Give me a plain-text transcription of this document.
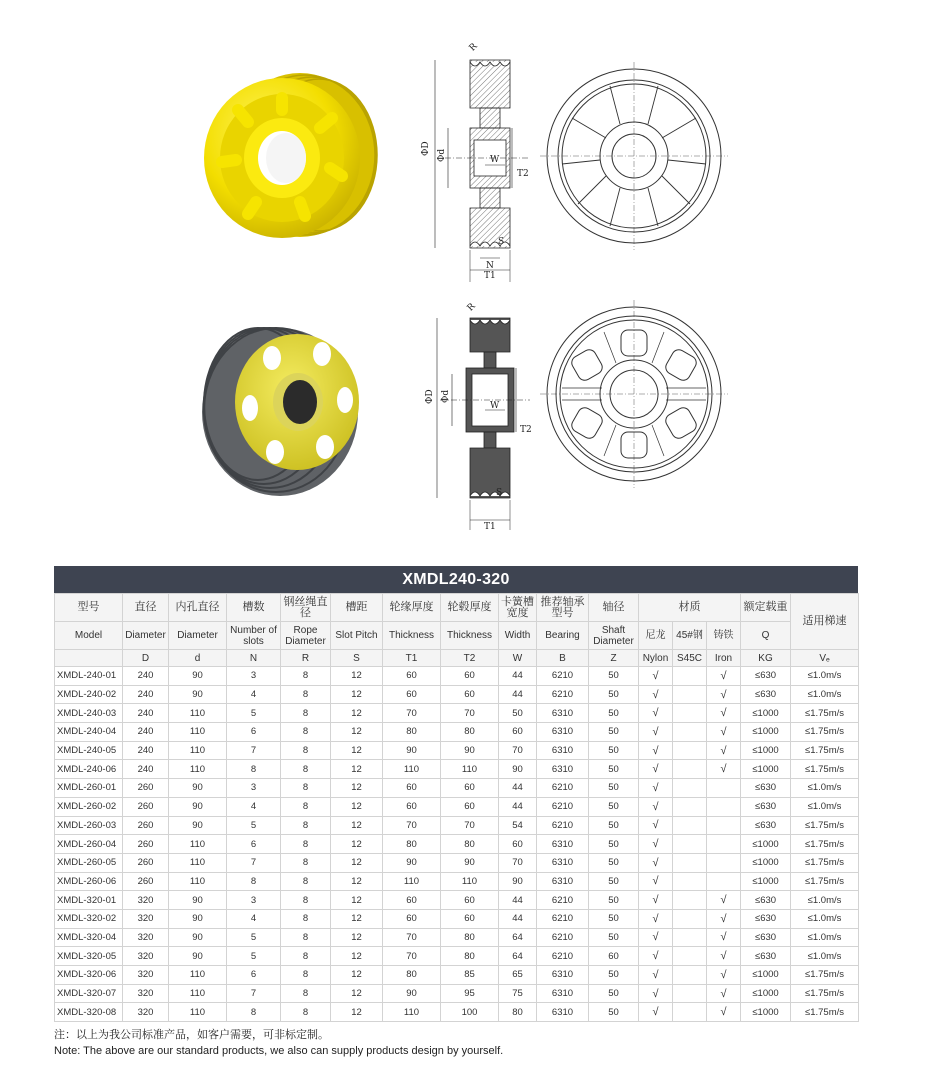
ΦD Φd	W
T2
T1
N
S
R
ΦD Φd
W
T2
T1
S
R
XMDL240-320
型号	直径	内孔直径	槽数	钢丝绳直径	槽距	轮缘厚度	轮毂厚度	卡簧槽宽度	推荐轴承型号	轴径	材质			额定载重	适用梯速
Model	Diameter	Diameter	Number of slots	Rope Diameter	Slot Pitch	Thickness	Thickness	Width	Bearing	Shaft Diameter	尼龙	45#钢	铸铁	Q	
	D	d	N	R	S	T1	T2	W	B	Z	Nylon	S45C	Iron	KG	Vₑ
XMDL-240-01	240	90	3	8	12	60	60	44	6210	50	√		√	≤630	≤1.0m/s
XMDL-240-02	240	90	4	8	12	60	60	44	6210	50	√		√	≤630	≤1.0m/s
XMDL-240-03	240	110	5	8	12	70	70	50	6310	50	√		√	≤1000	≤1.75m/s
XMDL-240-04	240	110	6	8	12	80	80	60	6310	50	√		√	≤1000	≤1.75m/s
XMDL-240-05	240	110	7	8	12	90	90	70	6310	50	√		√	≤1000	≤1.75m/s
XMDL-240-06	240	110	8	8	12	110	110	90	6310	50	√		√	≤1000	≤1.75m/s
XMDL-260-01	260	90	3	8	12	60	60	44	6210	50	√			≤630	≤1.0m/s
XMDL-260-02	260	90	4	8	12	60	60	44	6210	50	√			≤630	≤1.0m/s
XMDL-260-03	260	90	5	8	12	70	70	54	6210	50	√			≤630	≤1.75m/s
XMDL-260-04	260	110	6	8	12	80	80	60	6310	50	√			≤1000	≤1.75m/s
XMDL-260-05	260	110	7	8	12	90	90	70	6310	50	√			≤1000	≤1.75m/s
XMDL-260-06	260	110	8	8	12	110	110	90	6310	50	√			≤1000	≤1.75m/s
XMDL-320-01	320	90	3	8	12	60	60	44	6210	50	√		√	≤630	≤1.0m/s
XMDL-320-02	320	90	4	8	12	60	60	44	6210	50	√		√	≤630	≤1.0m/s
XMDL-320-04	320	90	5	8	12	70	80	64	6210	50	√		√	≤630	≤1.0m/s
XMDL-320-05	320	90	5	8	12	70	80	64	6210	60	√		√	≤630	≤1.0m/s
XMDL-320-06	320	110	6	8	12	80	85	65	6310	50	√		√	≤1000	≤1.75m/s
XMDL-320-07	320	110	7	8	12	90	95	75	6310	50	√		√	≤1000	≤1.75m/s
XMDL-320-08	320	110	8	8	12	110	100	80	6310	50	√		√	≤1000	≤1.75m/s
注：以上为我公司标准产品，如客户需要，可非标定制。
Note: The above are our standard products, we also can supply products design by yourself.
